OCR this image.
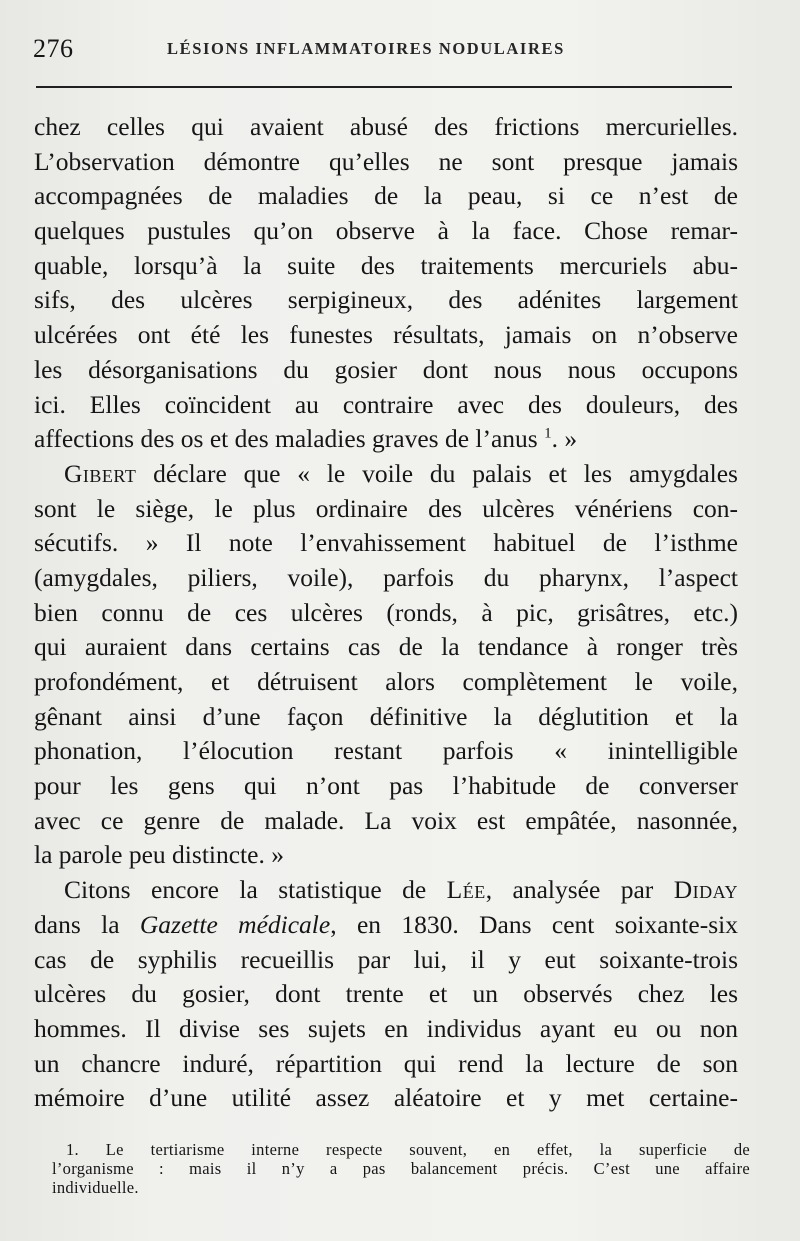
276	LÉSIONS INFLAMMATOIRES NODULAIRES
chez celles qui avaient abusé des frictions mercurielles.
L’observation démontre qu’elles ne sont presque jamais
accompagnées de maladies de la peau, si ce n’est de
quelques pustules qu’on observe à la face. Chose remar-
quable, lorsqu’à la suite des traitements mercuriels abu-
sifs, des ulcères serpigineux, des adénites largement
ulcérées ont été les funestes résultats, jamais on n’observe
les désorganisations du gosier dont nous nous occupons
ici. Elles coïncident au contraire avec des douleurs, des
affections des os et des maladies graves de l’anus $^1$. »
Gibert déclare que « le voile du palais et les amygdales
sont le siège, le plus ordinaire des ulcères vénériens con-
sécutifs. » Il note l’envahissement habituel de l’isthme
(amygdales, piliers, voile), parfois du pharynx, l’aspect
bien connu de ces ulcères (ronds, à pic, grisâtres, etc.)
qui auraient dans certains cas de la tendance à ronger très
profondément, et détruisent alors complètement le voile,
gênant ainsi d’une façon définitive la déglutition et la
phonation, l’élocution restant parfois « inintelligible
pour les gens qui n’ont pas l’habitude de converser
avec ce genre de malade. La voix est empâtée, nasonnée,
la parole peu distincte. »
Citons encore la statistique de Lée, analysée par Diday
dans la Gazette médicale, en 1830. Dans cent soixante-six
cas de syphilis recueillis par lui, il y eut soixante-trois
ulcères du gosier, dont trente et un observés chez les
hommes. Il divise ses sujets en individus ayant eu ou non
un chancre induré, répartition qui rend la lecture de son
mémoire d’une utilité assez aléatoire et y met certaine-
1. Le tertiarisme interne respecte souvent, en effet, la superficie de
l’organisme : mais il n’y a pas balancement précis. C’est une affaire
individuelle.
